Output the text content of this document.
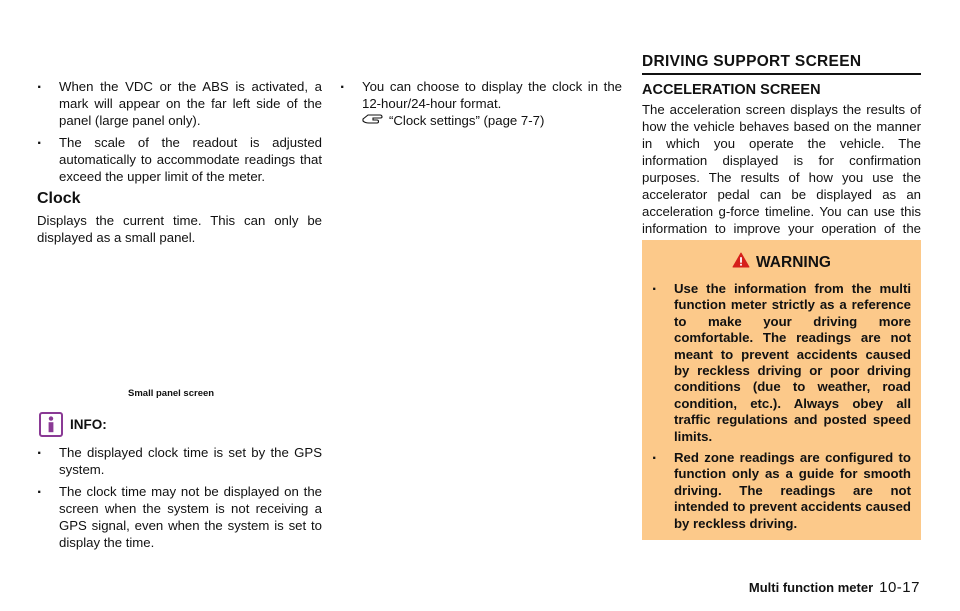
. When the VDC or the ABS is activated, a mark will appear on the far left side of the panel (large panel only).
. The scale of the readout is adjusted automatically to accommodate readings that exceed the upper limit of the meter.
Clock

Displays the current time. This can only be displayed as a small panel.

INFO:
. The displayed clock time is set by the GPS system.
. The clock time may not be displayed on the screen when the system is not receiving a GPS signal, even when the system is set to display the time.
Small panel screen
. You can choose to display the clock in the 12-hour/24-hour format.
“Clock settings” (page 7-7)
DRIVING SUPPORT SCREEN
ACCELERATION SCREEN

The acceleration screen displays the results of how the vehicle behaves based on the manner in which you operate the vehicle. The information displayed is for confirmation purposes. The results of how you use the accelerator pedal can be displayed as an acceleration g-force timeline. You can use this information to improve your operation of the

WARNING
. Use the information from the multi function meter strictly as a reference to make your driving more comfortable. The readings are not meant to prevent accidents caused by reckless driving or poor driving conditions (due to weather, road condition, etc.). Always obey all traffic regulations and posted speed limits.
. Red zone readings are configured to function only as a guide for smooth driving. The readings are not intended to prevent accidents caused by reckless driving.
Multi function meter 10-17
